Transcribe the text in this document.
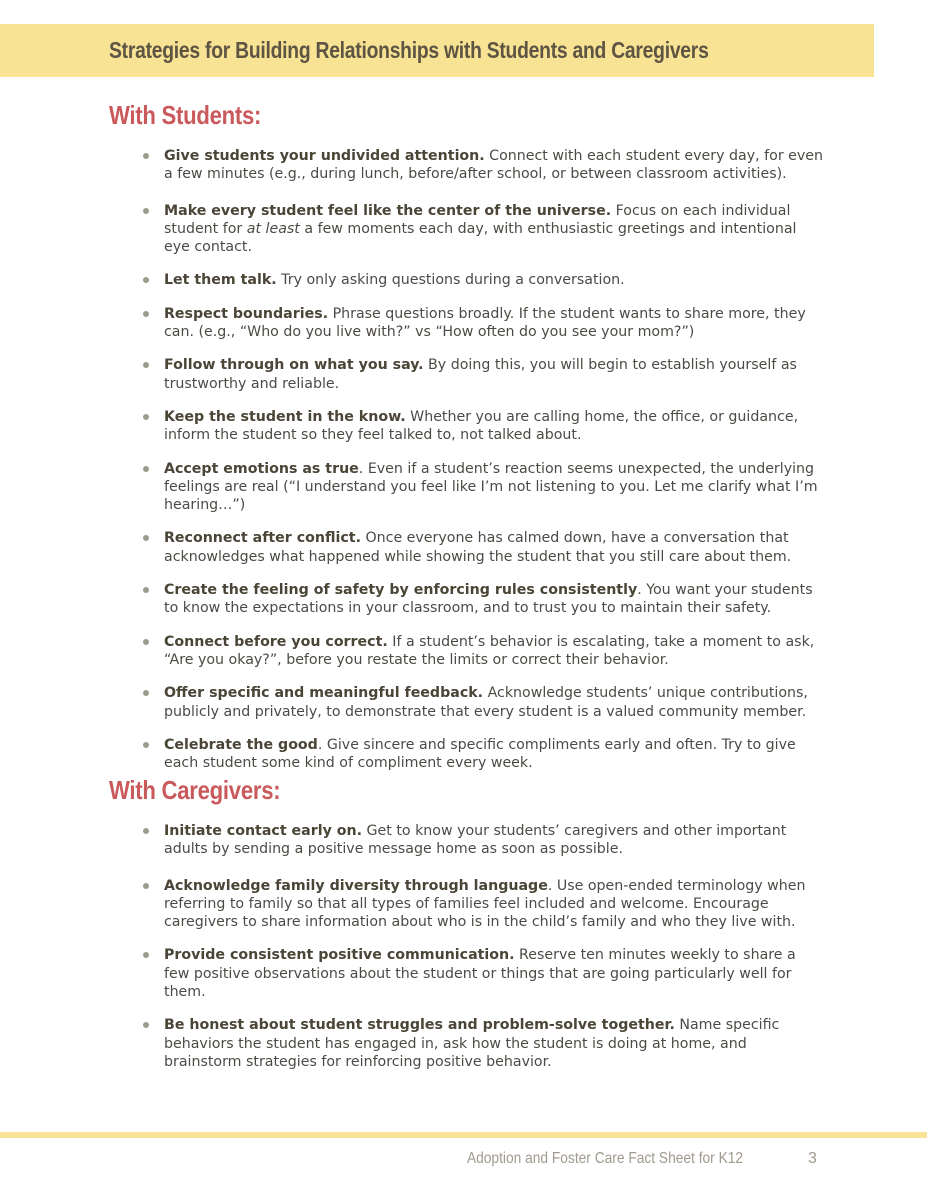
Strategies for Building Relationships with Students and Caregivers
With Students:
Give students your undivided attention. Connect with each student every day, for even a few minutes (e.g., during lunch, before/after school, or between classroom activities).
Make every student feel like the center of the universe. Focus on each individual student for at least a few moments each day, with enthusiastic greetings and intentional eye contact.
Let them talk. Try only asking questions during a conversation.
Respect boundaries. Phrase questions broadly. If the student wants to share more, they can. (e.g., “Who do you live with?” vs “How often do you see your mom?”)
Follow through on what you say. By doing this, you will begin to establish yourself as trustworthy and reliable.
Keep the student in the know. Whether you are calling home, the office, or guidance, inform the student so they feel talked to, not talked about.
Accept emotions as true. Even if a student’s reaction seems unexpected, the underlying feelings are real (“I understand you feel like I’m not listening to you. Let me clarify what I’m hearing…”)
Reconnect after conflict. Once everyone has calmed down, have a conversation that acknowledges what happened while showing the student that you still care about them.
Create the feeling of safety by enforcing rules consistently. You want your students to know the expectations in your classroom, and to trust you to maintain their safety.
Connect before you correct. If a student’s behavior is escalating, take a moment to ask, “Are you okay?”, before you restate the limits or correct their behavior.
Offer specific and meaningful feedback. Acknowledge students’ unique contributions, publicly and privately, to demonstrate that every student is a valued community member.
Celebrate the good. Give sincere and specific compliments early and often. Try to give each student some kind of compliment every week.
With Caregivers:
Initiate contact early on. Get to know your students’ caregivers and other important adults by sending a positive message home as soon as possible.
Acknowledge family diversity through language. Use open-ended terminology when referring to family so that all types of families feel included and welcome. Encourage caregivers to share information about who is in the child’s family and who they live with.
Provide consistent positive communication. Reserve ten minutes weekly to share a few positive observations about the student or things that are going particularly well for them.
Be honest about student struggles and problem-solve together. Name specific behaviors the student has engaged in, ask how the student is doing at home, and brainstorm strategies for reinforcing positive behavior.
Adoption and Foster Care Fact Sheet for K12	3
